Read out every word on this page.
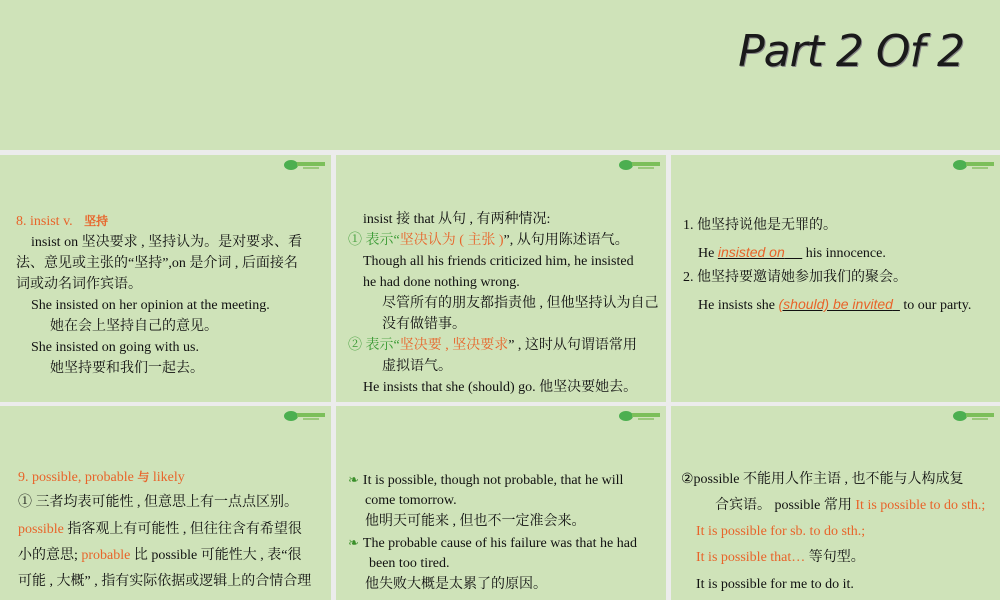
Part 2 Of 2
8. insist v. 坚持
insist on 坚决要求 , 坚持认为。是对要求、看
法、意见或主张的“坚持”,on 是介词 , 后面接名
词或动名词作宾语。
She insisted on her opinion at the meeting.
她在会上坚持自己的意见。
She insisted on going with us.
她坚持要和我们一起去。
insist 接 that 从句 , 有两种情况:
① 表示“坚决认为 ( 主张 )”, 从句用陈述语气。
Though all his friends criticized him, he insisted
he had done nothing wrong.
尽管所有的朋友都指责他 , 但他坚持认为自己
没有做错事。
② 表示“坚决要 , 坚决要求” , 这时从句谓语常用
虚拟语气。
He insists that she (should) go. 他坚决要她去。
1. 他坚持说他是无罪的。
He insisted on      his innocence.
2. 他坚持要邀请她参加我们的聚会。
He insists she (should) be invited   to our party.
9. possible, probable 与 likely
① 三者均表可能性 , 但意思上有一点点区别。
possible 指客观上有可能性 , 但往往含有希望很
小的意思; probable 比 possible 可能性大 , 表“很
可能 , 大概” , 指有实际依据或逻辑上的合情合理
❧ It is possible, though not probable, that he will
come tomorrow.
他明天可能来 , 但也不一定准会来。
❧ The probable cause of his failure was that he had
been too tired.
他失败大概是太累了的原因。
②possible 不能用人作主语 , 也不能与人构成复
合宾语。 possible 常用 It is possible to do sth.;
It is possible for sb. to do sth.;
It is possible that… 等句型。
It is possible for me to do it.
